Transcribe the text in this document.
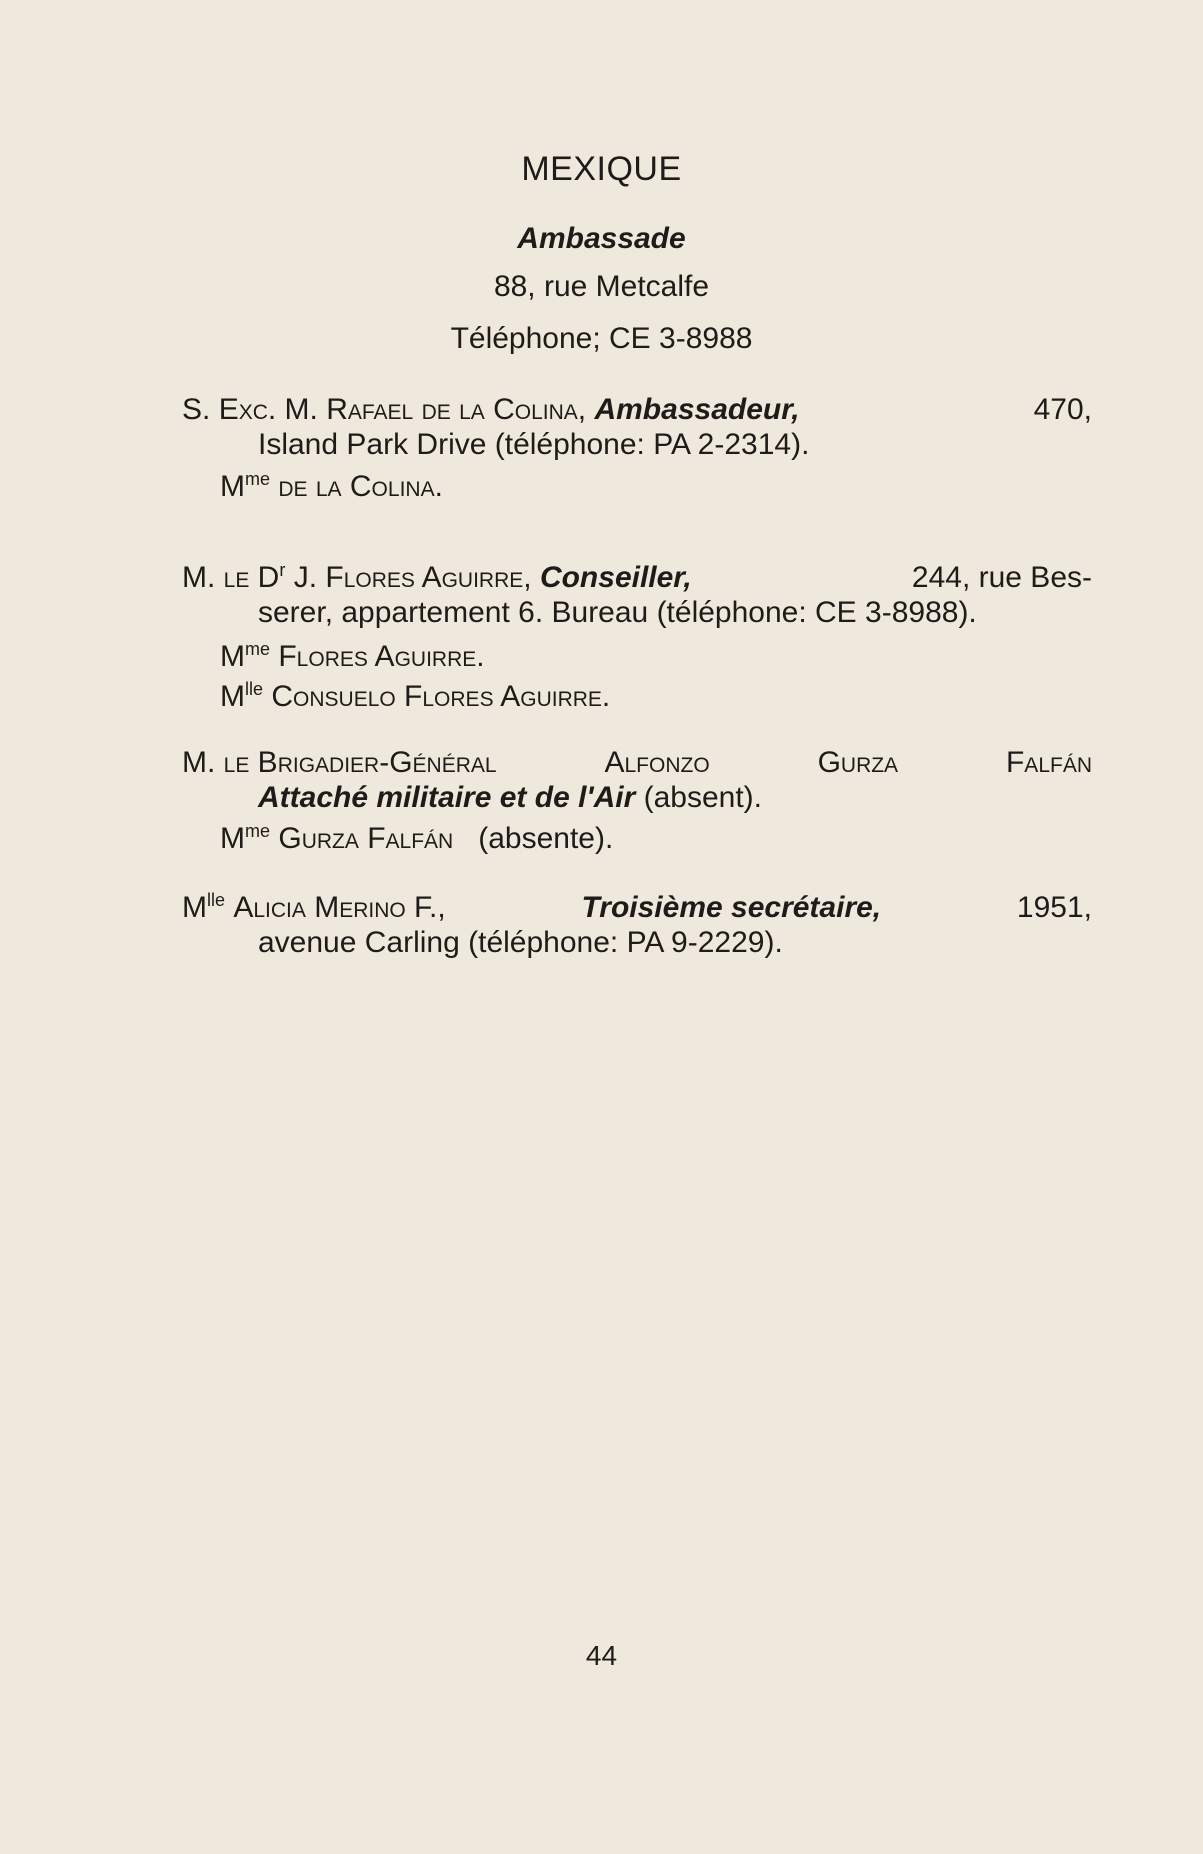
MEXIQUE
Ambassade
88, rue Metcalfe
Téléphone; CE 3-8988
S. Exc. M. Rafael de la Colina, Ambassadeur,	470,
Island Park Drive (téléphone: PA 2-2314).
$M^{me}$ de la Colina.
M. le $D^r$ J. Flores Aguirre, Conseiller,	244, rue Bes-
serer, appartement 6. Bureau (téléphone: CE 3-8988).
$M^{me}$ Flores Aguirre.
$M^{lle}$ Consuelo Flores Aguirre.
M. le Brigadier-Général	Alfonzo	Gurza	Falfán
Attaché militaire et de l'Air (absent).
$M^{me}$ Gurza Falfán (absente).
$M^{lle}$ Alicia Merino F.,	Troisième secrétaire,	1951,
avenue Carling (téléphone: PA 9-2229).
44
